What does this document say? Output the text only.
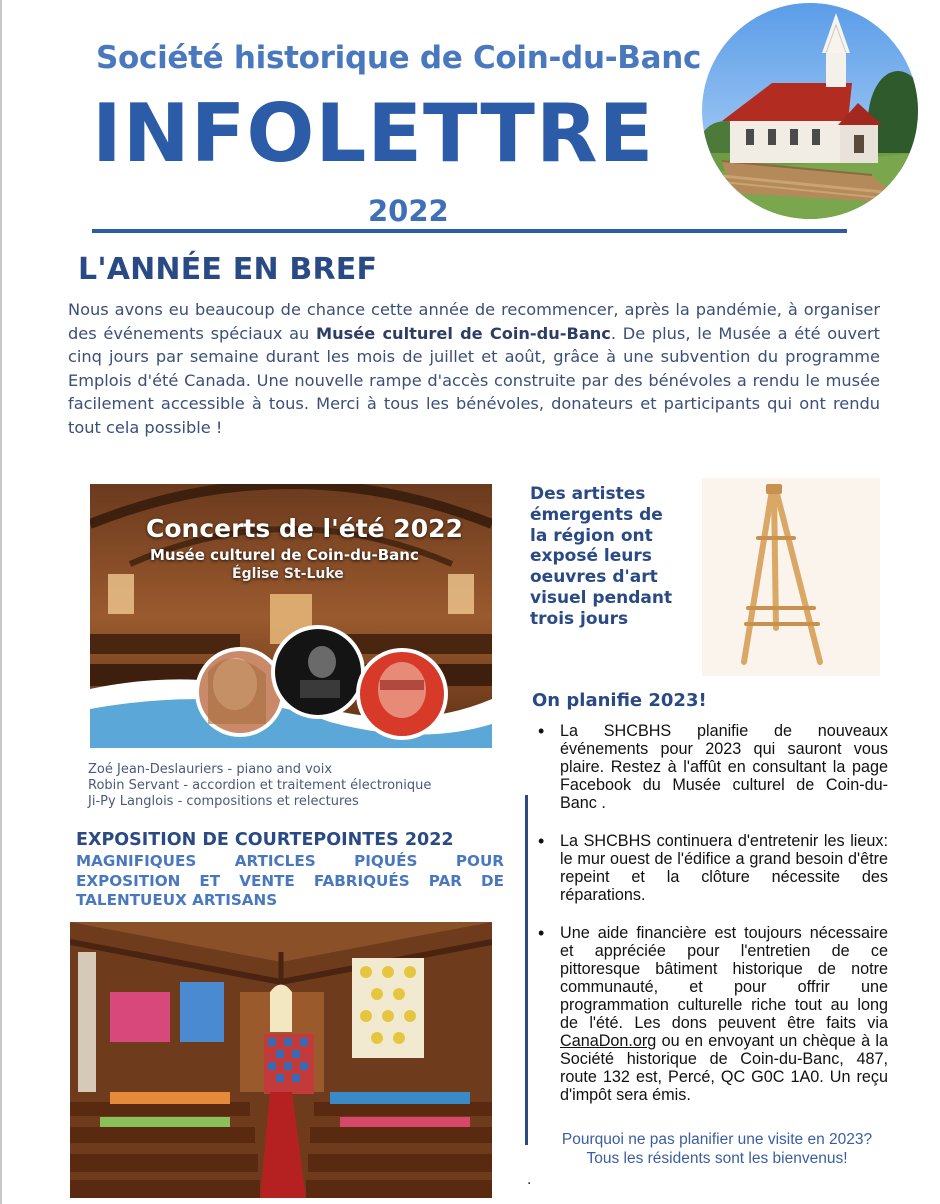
Société historique de Coin-du-Banc
INFOLETTRE
2022
L'ANNÉE EN BREF

Nous avons eu beaucoup de chance cette année de recommencer, après la pandémie, à organiser des événements spéciaux au Musée culturel de Coin-du-Banc. De plus, le Musée a été ouvert cinq jours par semaine durant les mois de juillet et août, grâce à une subvention du programme Emplois d'été Canada. Une nouvelle rampe d'accès construite par des bénévoles a rendu le musée facilement accessible à tous. Merci à tous les bénévoles, donateurs et participants qui ont rendu tout cela possible !

Concerts de l'été 2022
Musée culturel de Coin-du-Banc
Église St-Luke
Zoé Jean-Deslauriers - piano and voix
Robin Servant - accordion et traitement électronique
Ji-Py Langlois - compositions et relectures
Des artistes émergents de la région ont exposé leurs oeuvres d'art visuel pendant trois jours
On planifie 2023!
• La SHCBHS planifie de nouveaux événements pour 2023 qui sauront vous plaire. Restez à l'affût en consultant la page Facebook du Musée culturel de Coin-du-Banc .
• La SHCBHS continuera d'entretenir les lieux: le mur ouest de l'édifice a grand besoin d'être repeint et la clôture nécessite des réparations.
• Une aide financière est toujours nécessaire et appréciée pour l'entretien de ce pittoresque bâtiment historique de notre communauté, et pour offrir une programmation culturelle riche tout au long de l'été. Les dons peuvent être faits via CanaDon.org ou en envoyant un chèque à la Société historique de Coin-du-Banc, 487, route 132 est, Percé, QC G0C 1A0. Un reçu d'impôt sera émis.
Pourquoi ne pas planifier une visite en 2023?
Tous les résidents sont les bienvenus!
.
EXPOSITION DE COURTEPOINTES 2022
MAGNIFIQUES ARTICLES PIQUÉS POUR EXPOSITION ET VENTE FABRIQUÉS PAR DE TALENTUEUX ARTISANS
